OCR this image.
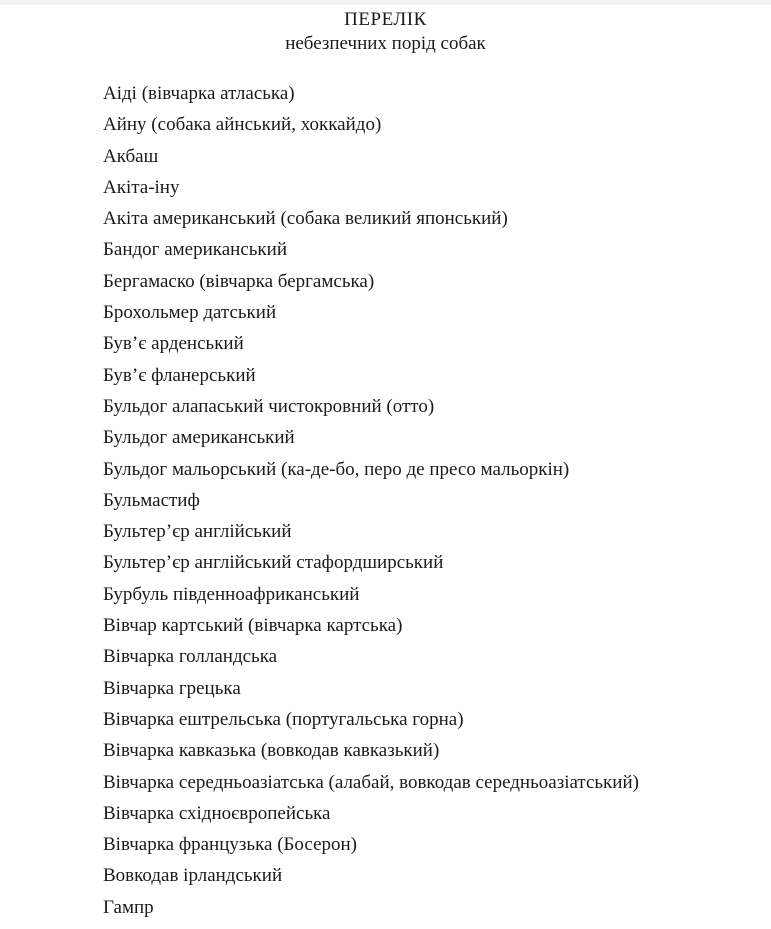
ПЕРЕЛІК
небезпечних порід собак
Аіді (вівчарка атласька)
Айну (собака айнський, хоккайдо)
Акбаш
Акіта-іну
Акіта американський (собака великий японський)
Бандог американський
Бергамаско (вівчарка бергамська)
Брохольмер датський
Був’є арденський
Був’є фланерський
Бульдог алапаський чистокровний (отто)
Бульдог американський
Бульдог мальорський (ка-де-бо, перо де пресо мальоркін)
Бульмастиф
Бультер’єр англійський
Бультер’єр англійський стафордширський
Бурбуль південноафриканський
Вівчар картський (вівчарка картська)
Вівчарка голландська
Вівчарка грецька
Вівчарка ештрельська (португальська горна)
Вівчарка кавказька (вовкодав кавказький)
Вівчарка середньоазіатська (алабай, вовкодав середньоазіатський)
Вівчарка східноєвропейська
Вівчарка французька (Босерон)
Вовкодав ірландський
Гампр
